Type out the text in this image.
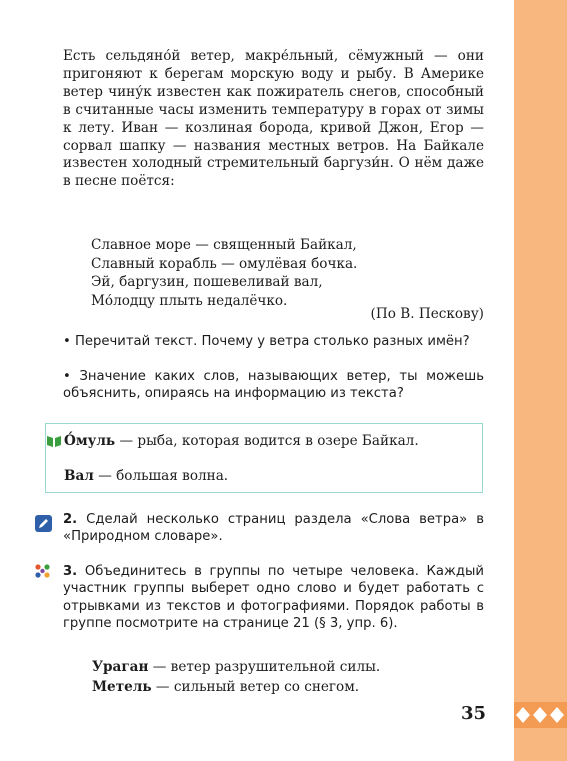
Есть сельдяно́й ветер, макре́льный, сёмужный — они пригоняют к берегам морскую воду и рыбу. В Америке ветер чину́к известен как пожиратель снегов, способный в считанные часы изменить температуру в горах от зимы к лету. Иван — козлиная борода, кривой Джон, Егор — сорвал шапку — названия местных ветров. На Байкале известен холодный стремительный баргузи́н. О нём даже в песне поётся:

Славное море — священный Байкал,
Славный корабль — омулёвая бочка.
Эй, баргузин, пошевеливай вал,
Мо́лодцу плыть недалёчко.
(По В. Пескову)

• Перечитай текст. Почему у ветра столько разных имён?

• Значение каких слов, называющих ветер, ты можешь объяснить, опираясь на информацию из текста?

О́муль — рыба, которая водится в озере Байкал.
Вал — большая волна.

2. Сделай несколько страниц раздела «Слова ветра» в «Природном словаре».

3. Объединитесь в группы по четыре человека. Каждый участник группы выберет одно слово и будет работать с отрывками из текстов и фотографиями. Порядок работы в группе посмотрите на странице 21 (§ 3, упр. 6).

Ураган — ветер разрушительной силы.
Метель — сильный ветер со снегом.
35
